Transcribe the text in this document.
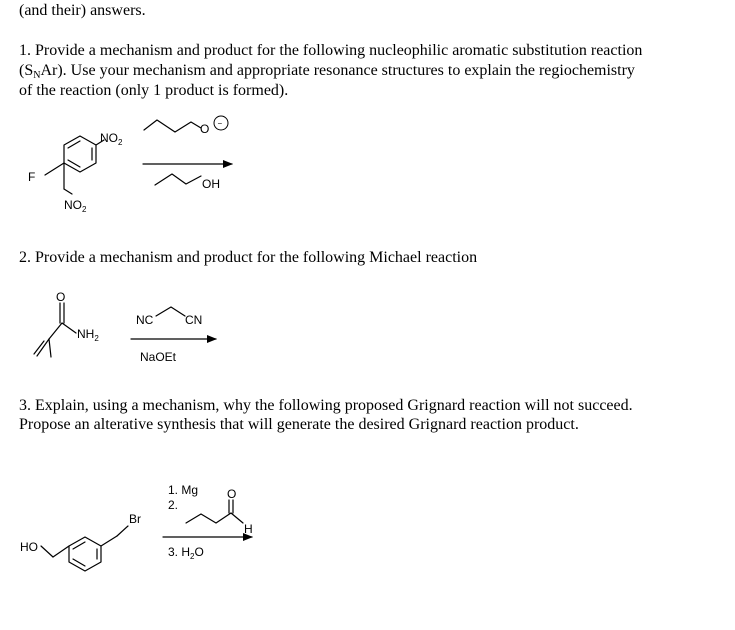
(and their) answers.
1. Provide a mechanism and product for the following nucleophilic aromatic substitution reaction
$(S_NAr)$. Use your mechanism and appropriate resonance structures to explain the regiochemistry
of the reaction (only 1 product is formed).
2. Provide a mechanism and product for the following Michael reaction
3. Explain, using a mechanism, why the following proposed Grignard reaction will not succeed.
Propose an alterative synthesis that will generate the desired Grignard reaction product.
$NO_2$
F
$NO_2$
O −
OH
O
$NH_2$
NC	CN
NaOEt
HO
Br
1. Mg
2.
O
H
3. $H_2O$
